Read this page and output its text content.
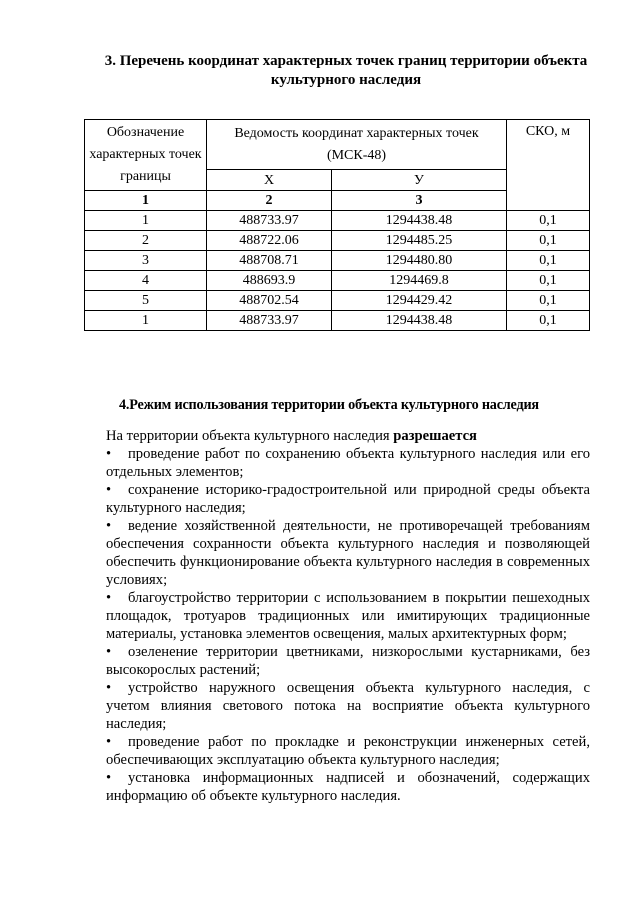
3. Перечень координат характерных точек границ территории объекта культурного наследия
Обозначение характерных точек границы	Ведомость координат характерных точек (МСК-48)		СКО, м
	Х	У	
1	2	3	
1	488733.97	1294438.48	0,1
2	488722.06	1294485.25	0,1
3	488708.71	1294480.80	0,1
4	488693.9	1294469.8	0,1
5	488702.54	1294429.42	0,1
1	488733.97	1294438.48	0,1
4.Режим использования территории объекта культурного наследия

На территории объекта культурного наследия разрешается

• проведение работ по сохранению объекта культурного наследия или его отдельных элементов;
• сохранение историко-градостроительной или природной среды объекта культурного наследия;
• ведение хозяйственной деятельности, не противоречащей требованиям обеспечения сохранности объекта культурного наследия и позволяющей обеспечить функционирование объекта культурного наследия в современных условиях;
• благоустройство территории с использованием в покрытии пешеходных площадок, тротуаров традиционных или имитирующих традиционные материалы, установка элементов освещения, малых архитектурных форм;
• озеленение территории цветниками, низкорослыми кустарниками, без высокорослых растений;
• устройство наружного освещения объекта культурного наследия, с учетом влияния светового потока на восприятие объекта культурного наследия;
• проведение работ по прокладке и реконструкции инженерных сетей, обеспечивающих эксплуатацию объекта культурного наследия;
• установка информационных надписей и обозначений, содержащих информацию об объекте культурного наследия.
